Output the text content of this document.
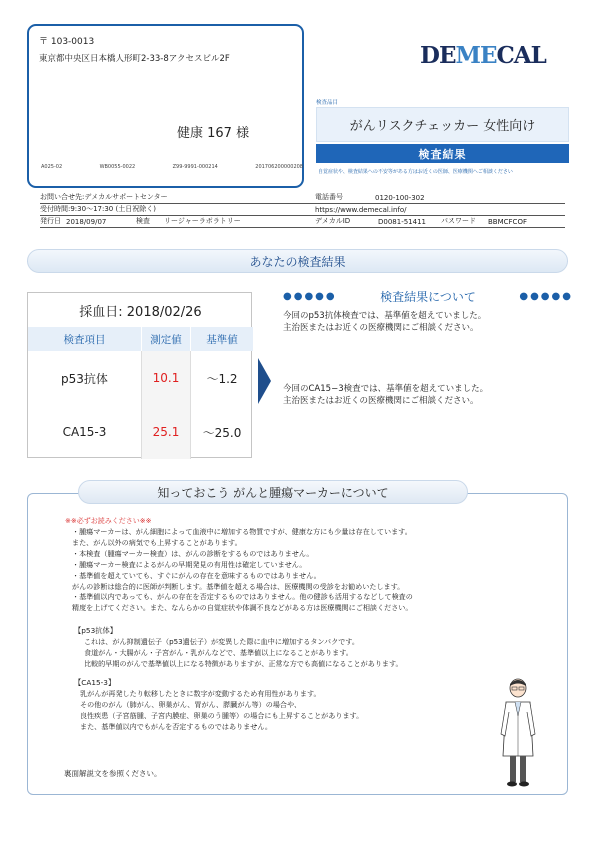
〒 103-0013
東京都中央区日本橋人形町2-33-8アクセスビル2F
健康 167 様
A025-02	WB0055-0022	Z99-9991-000214	201706200000208
DEMECAL
検査品目
がんリスクチェッカー 女性向け
検査結果
自覚症状や、検査結果への不安等がある方はお近くの医師、医療機関へご相談ください
お問い合せ先:デメカルサポートセンター	電話番号	0120-100-302
受付時間:9:30〜17:30 (土日祝除く)	https://www.demecal.info/
発行日 2018/09/07	検査	リージャーラボラトリー	デメカルID	D0081-51411	パスワード	BBMCFCOF
あなたの検査結果
採血日: 2018/02/26
検査項目	測定値	基準値
p53抗体	10.1	〜1.2
CA15-3	25.1	〜25.0
●●●●●	検査結果について	●●●●●
今回のp53抗体検査では、基準値を超えていました。
主治医またはお近くの医療機関にご相談ください。
今回のCA15−3検査では、基準値を超えていました。
主治医またはお近くの医療機関にご相談ください。
知っておこう がんと腫瘍マーカーについて
※※必ずお読みください※※
・腫瘍マーカーは、がん細胞によって血液中に増加する物質ですが、健康な方にも少量は存在しています。
また、がん以外の病気でも上昇することがあります。
・本検査（腫瘍マーカー検査）は、がんの診断をするものではありません。
・腫瘍マーカー検査によるがんの早期発見の有用性は確定していません。
・基準値を超えていても、すぐにがんの存在を意味するものではありません。
がんの診断は総合的に医師が判断します。基準値を超える場合は、医療機関の受診をお勧めいたします。
・基準値以内であっても、がんの存在を否定するものではありません。他の健診も活用するなどして検査の
精度を上げてください。また、なんらかの自覚症状や体調不良などがある方は医療機関にご相談ください。
【p53抗体】
これは、がん抑制遺伝子（p53遺伝子）が変異した際に血中に増加するタンパクです。
食道がん・大腸がん・子宮がん・乳がんなどで、基準値以上になることがあります。
比較的早期のがんで基準値以上になる特徴がありますが、正常な方でも高値になることがあります。
【CA15-3】
乳がんが再発したり転移したときに数字が変動するため有用性があります。
その他のがん（肺がん、卵巣がん、胃がん、膵臓がん等）の場合や、
良性疾患（子宮筋腫、子宮内膜症、卵巣のう腫等）の場合にも上昇することがあります。
また、基準値以内でもがんを否定するものではありません。
裏面解説文を参照ください。
